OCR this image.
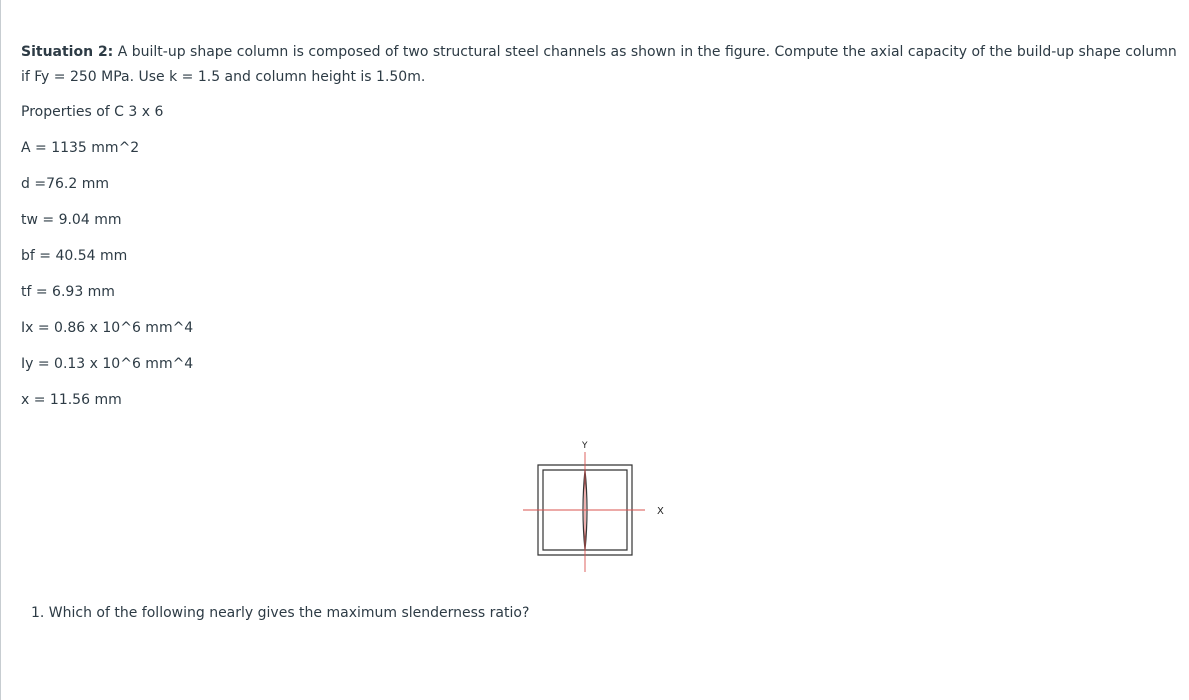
Situation 2: A built-up shape column is composed of two structural steel channels as shown in the figure. Compute the axial capacity of the build-up shape column if Fy = 250 MPa. Use k = 1.5 and column height is 1.50m.

Properties of C 3 x 6

A = 1135 mm^2

d =76.2 mm

tw = 9.04 mm

bf = 40.54 mm

tf = 6.93 mm

Ix = 0.86 x 10^6 mm^4

Iy = 0.13 x 10^6 mm^4

x = 11.56 mm

Y
X

1. Which of the following nearly gives the maximum slenderness ratio?
